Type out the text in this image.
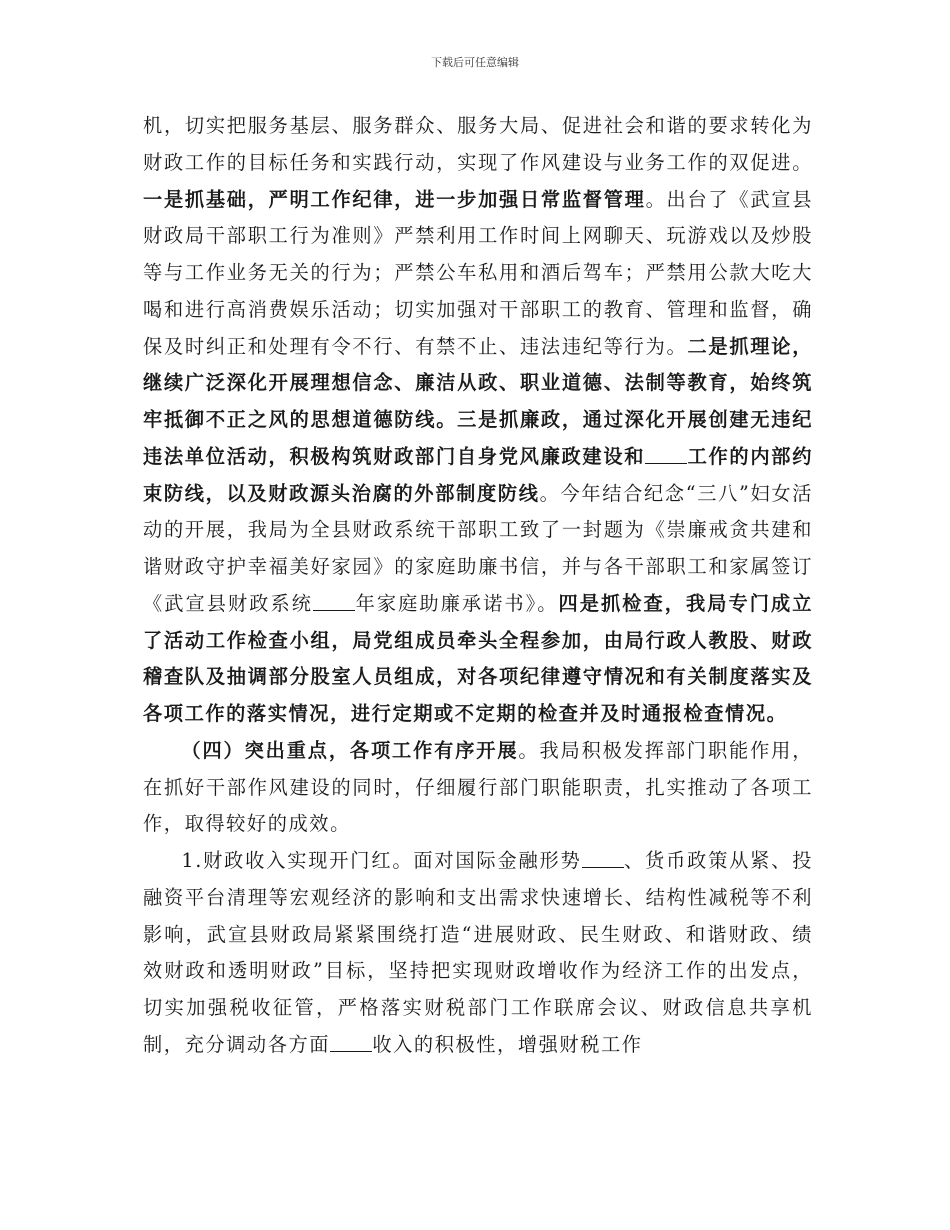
下载后可任意编辑

机，切实把服务基层、服务群众、服务大局、促进社会和谐的要求转化为财政工作的目标任务和实践行动，实现了作风建设与业务工作的双促进。一是抓基础，严明工作纪律，进一步加强日常监督管理。出台了《武宣县财政局干部职工行为准则》严禁利用工作时间上网聊天、玩游戏以及炒股等与工作业务无关的行为；严禁公车私用和酒后驾车；严禁用公款大吃大喝和进行高消费娱乐活动；切实加强对干部职工的教育、管理和监督，确保及时纠正和处理有令不行、有禁不止、违法违纪等行为。二是抓理论，继续广泛深化开展理想信念、廉洁从政、职业道德、法制等教育，始终筑牢抵御不正之风的思想道德防线。三是抓廉政，通过深化开展创建无违纪违法单位活动，积极构筑财政部门自身党风廉政建设和 工作的内部约束防线，以及财政源头治腐的外部制度防线。今年结合纪念“三八”妇女活动的开展，我局为全县财政系统干部职工致了一封题为《崇廉戒贪共建和谐财政守护幸福美好家园》的家庭助廉书信，并与各干部职工和家属签订《武宣县财政系统 年家庭助廉承诺书》。四是抓检查，我局专门成立了活动工作检查小组，局党组成员牵头全程参加，由局行政人教股、财政稽查队及抽调部分股室人员组成，对各项纪律遵守情况和有关制度落实及各项工作的落实情况，进行定期或不定期的检查并及时通报检查情况。

（四）突出重点，各项工作有序开展。我局积极发挥部门职能作用，在抓好干部作风建设的同时，仔细履行部门职能职责，扎实推动了各项工作，取得较好的成效。

1.财政收入实现开门红。面对国际金融形势 、货币政策从紧、投融资平台清理等宏观经济的影响和支出需求快速增长、结构性减税等不利影响，武宣县财政局紧紧围绕打造“进展财政、民生财政、和谐财政、绩效财政和透明财政”目标，坚持把实现财政增收作为经济工作的出发点，切实加强税收征管，严格落实财税部门工作联席会议、财政信息共享机制，充分调动各方面 收入的积极性，增强财税工作
